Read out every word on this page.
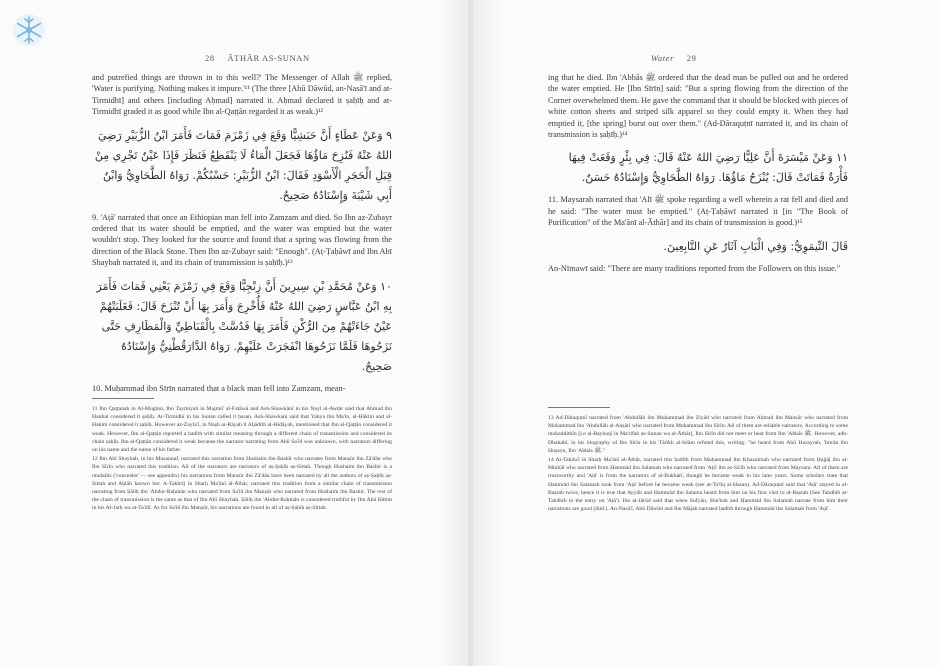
28 ĀTHĀR AS-SUNAN
and putrefied things are thrown in to this well?' The Messenger of Allah ﷺ replied, 'Water is purifying. Nothing makes it impure.'¹¹ (The three [Abū Dāwūd, an-Nasā'ī and at-Tirmidhī] and others [including Aḥmad] narrated it. Aḥmad declared it ṣaḥīḥ and at-Tirmidhī graded it as good while Ibn al-Qaṭṭān regarded it as weak.)¹²
٩ وَعَنْ عَطَاءٍ أَنَّ حَبَشِيًّا وَقَعَ فِي زَمْزَمَ فَمَاتَ فَأَمَرَ ابْنُ الزُّبَيْرِ رَضِيَ اللهُ عَنْهُ فَنُزِحَ مَاؤُهَا فَجَعَلَ الْمَاءُ لَا يَنْقَطِعُ فَنَظَرَ فَإِذَا عَيْنٌ تَجْرِي مِنْ قِبَلِ الْحَجَرِ الْأَسْوَدِ فَقَالَ: ابْنُ الزُّبَيْرِ: حَسْبُكُمْ. رَوَاهُ الطَّحَاوِيُّ وَابْنُ أَبِي شَيْبَةَ وَإِسْنَادُهُ صَحِيحٌ.
9. 'Aṭā' narrated that once an Ethiopian man fell into Zamzam and died. So Ibn az-Zubayr ordered that its water should be emptied, and the water was emptied but the water wouldn't stop. They looked for the source and found that a spring was flowing from the direction of the Black Stone. Then Ibn az-Zubayr said: "Enough". (Aṭ-Ṭaḥāwī and Ibn Abī Shaybah narrated it, and its chain of transmission is ṣaḥīḥ.)¹³
١٠ وَعَنْ مُحَمَّدِ بْنِ سِيرِينَ أَنَّ زِنْجِيًّا وَقَعَ فِي زَمْزَمَ يَعْنِي فَمَاتَ فَأَمَرَ بِهِ ابْنُ عَبَّاسٍ رَضِيَ اللهُ عَنْهُ فَأُخْرِجَ وَأَمَرَ بِهَا أَنْ تُنْزَحَ قَالَ: فَغَلَبَتْهُمْ عَيْنٌ جَاءَتْهُمْ مِنَ الرُّكْنِ فَأَمَرَ بِهَا فَدُسَّتْ بِالْقَبَاطِيِّ وَالْمَطَارِفِ حَتَّى نَزَحُوهَا فَلَمَّا نَزَحُوهَا انْفَجَرَتْ عَلَيْهِمْ. رَوَاهُ الدَّارَقُطْنِيُّ وَإِسْنَادُهُ صَحِيحٌ.
10. Muḥammad ibn Sīrīn narrated that a black man fell into Zamzam, mean-
11 Ibn Qaṭṭanah in Al-Mughni, Ibn Taymiyah in Majmū' al-Fatāwā and Ash-Shawkānī in his Nayl al-Awṭār said that Ahmad ibn Hanbal considered it ṣaḥīḥ. At-Tirmidhī in his Sunan called it ḥasan. Ash-Shawkani said that Yahya ibn Ma'in, al-Ḥākim and al-Hakim considered it ṣaḥīḥ. However az-Zayla'ī, in Naṣb ar-Rāyah li Aḥādīth al-Hidāyah, mentioned that Ibn al-Qaṭṭān considered it weak. However, Ibn al-Qaṭṭān reported a ḥadīth with similar meaning through a different chain of transmission and considered its chain ṣaḥīḥ. Ibn al-Qaṭṭān considered it weak because the narrator narrating from Abū Sa'īd was unknown, with narrators differing on his name and the name of his father.
12 Ibn Abī Shaybah, in his Muṣannaf, narrated this narration from Hushaim ibn Bashīr who narrates from Manṣūr ibn Zā'dān who Ibn Sīrīn who narrated this tradition. All of the narrators are narrators of aṣ-Ṣaḥīḥ aṣ-Sittah. Though Hushaim ibn Bashir is a mudallis ('concealer' — see appendix) his narrations from Manṣūr ibn Zā'dān have been narrated by all the authors of aṣ-Ṣaḥīḥ aṣ-Sittah and Aḥlāh known her. A-Takhrīj in Sharḥ Ma'ānī al-Āthār, narrated this tradition from a similar chain of transmission narrating from Ṣāliḥ ibn 'Abdur-Raḥmān who narrated from Sa'īd ibn Manṣūr who narrated from Hushaim ibn Bashir. The rest of the chain of transmission is the same as that of Ibn Abī Shaybah. Ṣāliḥ ibn 'Abdur-Raḥmān is considered truthful by Ibn Abū Ḥātim in his Al-Jarḥ wa at-Ta'dīl. As for Sa'īd ibn Manṣūr, his narrations are found in all of aṣ-Ṣaḥīḥ aṣ-Sittah.
Water 29
ing that he died. Ibn 'Abbās ﷺ ordered that the dead man be pulled out and he ordered the water emptied. He [Ibn Sīrīn] said: "But a spring flowing from the direction of the Corner overwhelmed them. He gave the command that it should be blocked with pieces of white cotton sheets and striped silk apparel so they could empty it. When they had emptied it, [the spring] burst out over them." (Ad-Dāraquṭnī narrated it, and its chain of transmission is ṣaḥīḥ.)¹⁴
١١ وَعَنْ مَيْسَرَةَ أَنَّ عَلِيًّا رَضِيَ اللهُ عَنْهُ قَالَ: فِي بِئْرٍ وَقَعَتْ فِيهَا فَأْرَةٌ فَمَاتَتْ قَالَ: يُنْزَحُ مَاؤُهَا. رَوَاهُ الطَّحَاوِيُّ وَإِسْنَادُهُ حَسَنٌ.
11. Maysarah narrated that 'Alī ﷺ spoke regarding a well wherein a rat fell and died and he said: "The water must be emptied." (Aṭ-Ṭaḥāwī narrated it [in "The Book of Purification" of the Ma'ānī al-Āthār] and its chain of transmission is good.)¹⁵
قَالَ النِّيمَوِيُّ: وَفِي الْبَابِ آثَارٌ عَنِ التَّابِعِينَ.
An-Nīmawī said: "There are many traditions reported from the Followers on this issue."
13 Ad-Dāraquṭnī narrated from 'Abdullāh ibn Muḥammad ibn Ziyād who narrated from Aḥmad ibn Manṣūr who narrated from Muḥammad ibn 'Abdullāh al-Anṣārī who narrated from Muḥammad ibn Sīrīn. All of them are reliable narrators. According to some muḥaddithīn [i.e al-Bayhaqī in Ma'rifah as-Sunan wa al-Āthār], Ibn Sīrīn did not meet or hear from Ibn 'Abbās ﷺ. However, adh-Dhahabī, in his biography of Ibn Sīrīn in his Tārīkh al-Islām refuted this, writing: "he heard from Abū Hurayrah, 'Imrān ibn Ḥuṣayn, Ibn 'Abbās ﷺ."
14 At-Taḥāwī in Sharḥ Ma'ānī al-Āthār, narrated this ḥadīth from Muḥammad ibn Khuzaimah who narrated from Ḥajjāj ibn al-Minhāl who narrated from Ḥammād ibn Salamah who narrated from 'Aṭā' ibn as-Sā'ib who narrated from Maysara. All of them are trustworthy and 'Aṭā' is from the narrators of al-Bukhārī, though he became weak in his later years. Some scholars state that Ḥammād ibn Salamah took from 'Aṭā' before he became weak (see at-Ta'līq al-Ḥasan). Ad-Dāraquṭnī said that 'Aṭā' stayed in al-Baṣrah twice, hence it is true that Ayyūb and Ḥammād ibn Salama heard from him on his first visit to al-Baṣrah (See Tahdhīb at-Tahdhīb in the entry on 'Aṭā'). Ibn al-Jārūd said that when Sufyān, Shu'bah and Ḥammād ibn Salamah narrate from him their narrations are good (ibid.). An-Nasā'ī, Abū Dāwūd and Ibn Mājah narrated ḥadīth through Ḥammād ibn Salamah from 'Aṭā'.
